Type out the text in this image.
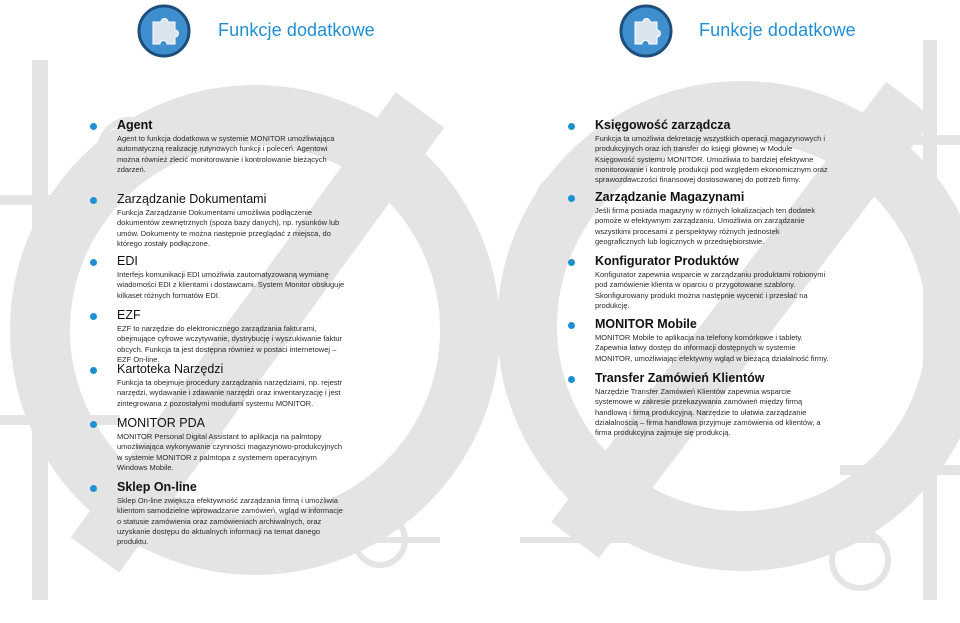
Funkcje dodatkowe	Funkcje dodatkowe
Agent

Agent to funkcja dodatkowa w systemie MONITOR umożliwiająca automatyczną realizację rutynowych funkcji i poleceń. Agentowi można również zlecić monitorowanie i kontrolowanie bieżących zdarzeń.

Zarządzanie Dokumentami

Funkcja Zarządzanie Dokumentami umożliwia podłączenie dokumentów zewnętrznych (spoza bazy danych), np. rysunków lub umów. Dokumenty te można następnie przeglądać z miejsca, do którego zostały podłączone.

EDI

Interfejs komunikacji EDI umożliwia zautomatyzowaną wymianę wiadomości EDI z klientami i dostawcami. System Monitor obsługuje kilkaset różnych formatów EDI.

EZF

EZF to narzędzie do elektronicznego zarządzania fakturami, obejmujące cyfrowe wczytywanie, dystrybucję i wyszukiwanie faktur obcych. Funkcja ta jest dostępna również w postaci internetowej – EZF On-line.

Kartoteka Narzędzi

Funkcja ta obejmuje procedury zarządzania narzędziami, np. rejestr narzędzi, wydawanie i zdawanie narzędzi oraz inwentaryzację i jest zintegrowana z pozostałymi modułami systemu MONITOR.

MONITOR PDA

MONITOR Personal Digital Assistant to aplikacja na palmtopy umożliwiająca wykonywanie czynności magazynowo-produkcyjnych w systemie MONITOR z palmtopa z systemem operacyjnym Windows Mobile.

Sklep On-line

Sklep On-line zwiększa efektywność zarządzania firmą i umożliwia klientom samodzielne wprowadzanie zamówień, wgląd w informacje o statusie zamówienia oraz zamówieniach archiwalnych, oraz uzyskanie dostępu do aktualnych informacji na temat danego produktu.

Księgowość zarządcza

Funkcja ta umożliwia dekretację wszystkich operacji magazynowych i produkcyjnych oraz ich transfer do księgi głównej w Module Księgowość systemu MONITOR. Umożliwia to bardziej efektywne monitorowanie i kontrolę produkcji pod względem ekonomicznym oraz sprawozdawczości finansowej dostosowanej do potrzeb firmy.

Zarządzanie Magazynami

Jeśli firma posiada magazyny w różnych lokalizacjach ten dodatek pomoże w efektywnym zarządzaniu. Umożliwia on zarządzanie wszystkimi procesami z perspektywy różnych jednostek geograficznych lub logicznych w przedsiębiorstwie.

Konfigurator Produktów

Konfigurator zapewnia wsparcie w zarządzaniu produktami robionymi pod zamówienie klienta w oparciu o przygotowane szablony. Skonfigurowany produkt można następnie wycenić i przesłać na produkcję.

MONITOR Mobile

MONITOR Mobile to aplikacja na telefony komórkowe i tablety. Zapewnia łatwy dostęp do informacji dostępnych w systemie MONITOR, umożliwiając efektywny wgląd w bieżącą działalność firmy.

Transfer Zamówień Klientów

Narzędzie Transfer Zamówień Klientów zapewnia wsparcie systemowe w zakresie przekazywania zamówień między firmą handlową i firmą produkcyjną. Narzędzie to ułatwia zarządzanie działalnością – firma handlowa przyjmuje zamówienia od klientów, a firma produkcyjna zajmuje się produkcją.
